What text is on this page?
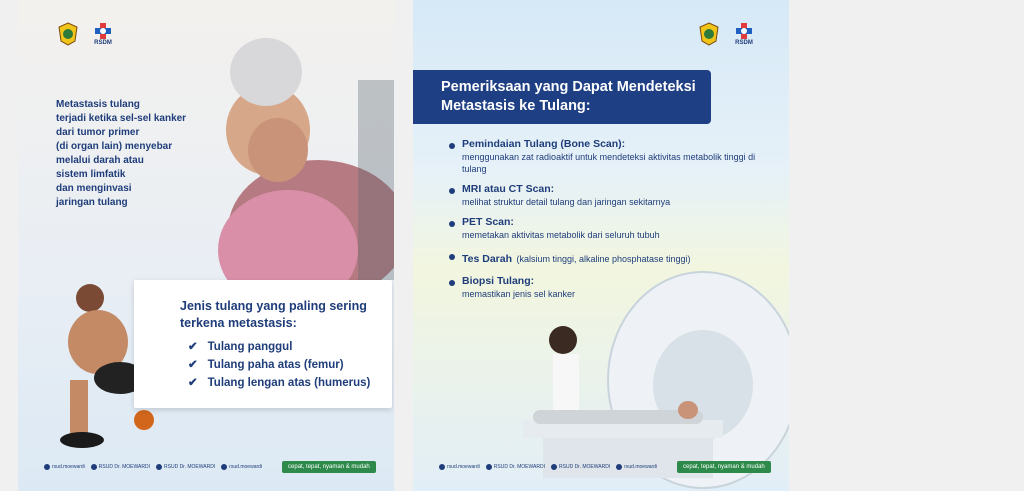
RSDM
Metastasis tulang
terjadi ketika sel-sel kanker
dari tumor primer
(di organ lain) menyebar
melalui darah atau
sistem limfatik
dan menginvasi
jaringan tulang
Jenis tulang yang paling sering terkena metastasis:
✔ Tulang panggul
✔ Tulang paha atas (femur)
✔ Tulang lengan atas (humerus)
rsud.moewardi	RSUD Dr. MOEWARDI	RSUD Dr. MOEWARDI	rsud.moewardi	cepat, tepat, nyaman & mudah
RSDM
Pemeriksaan yang Dapat Mendeteksi Metastasis ke Tulang:
Pemindaian Tulang (Bone Scan):
menggunakan zat radioaktif untuk mendeteksi aktivitas metabolik tinggi di tulang
MRI atau CT Scan:
melihat struktur detail tulang dan jaringan sekitarnya
PET Scan:
memetakan aktivitas metabolik dari seluruh tubuh
Tes Darah (kalsium tinggi, alkaline phosphatase tinggi)
Biopsi Tulang:
memastikan jenis sel kanker
rsud.moewardi	RSUD Dr. MOEWARDI	RSUD Dr. MOEWARDI	rsud.moewardi	cepat, tepat, nyaman & mudah
